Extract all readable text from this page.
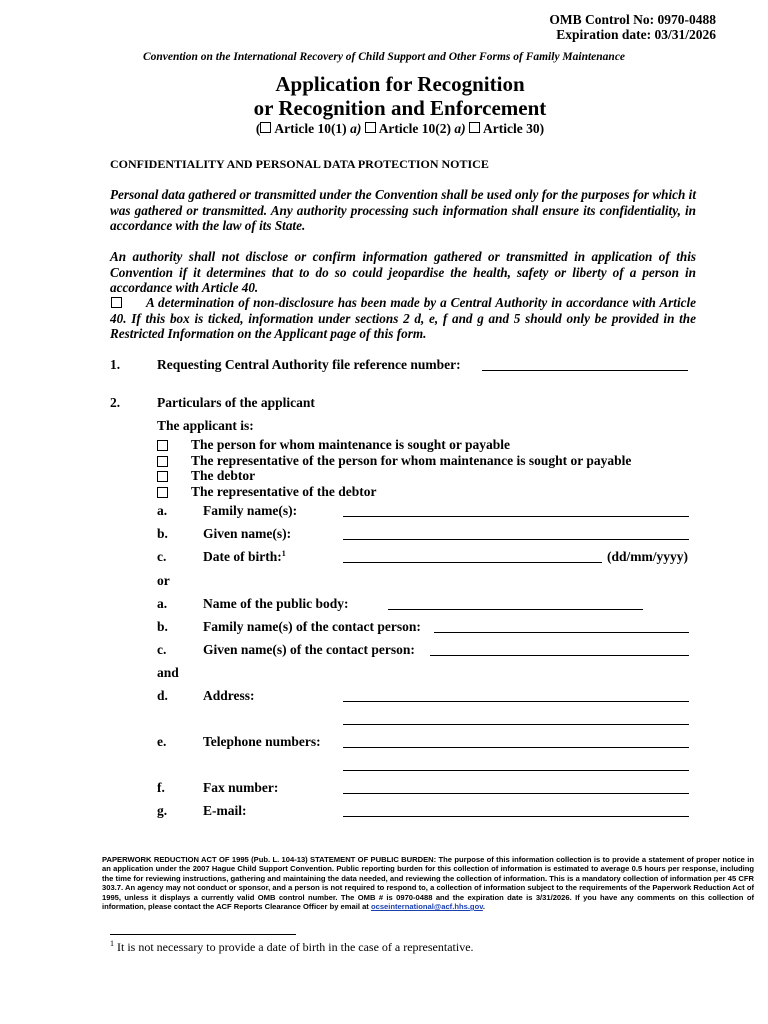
OMB Control No: 0970-0488
Expiration date: 03/31/2026
Convention on the International Recovery of Child Support and Other Forms of Family Maintenance
Application for Recognition
or Recognition and Enforcement
( Article 10(1) a) Article 10(2) a) Article 30)
CONFIDENTIALITY AND PERSONAL DATA PROTECTION NOTICE
Personal data gathered or transmitted under the Convention shall be used only for the purposes for which it was gathered or transmitted. Any authority processing such information shall ensure its confidentiality, in accordance with the law of its State.
An authority shall not disclose or confirm information gathered or transmitted in application of this Convention if it determines that to do so could jeopardise the health, safety or liberty of a person in accordance with Article 40.
A determination of non-disclosure has been made by a Central Authority in accordance with Article 40. If this box is ticked, information under sections 2 d, e, f and g and 5 should only be provided in the Restricted Information on the Applicant page of this form.
1.	Requesting Central Authority file reference number:
2.	Particulars of the applicant
The applicant is:
The person for whom maintenance is sought or payable
The representative of the person for whom maintenance is sought or payable
The debtor
The representative of the debtor
a.	Family name(s):
b.	Given name(s):
c.	Date of birth:$^1$	(dd/mm/yyyy)
or
a.	Name of the public body:
b.	Family name(s) of the contact person:
c.	Given name(s) of the contact person:
and
d.	Address:
e.	Telephone numbers:
f.	Fax number:
g.	E-mail:
PAPERWORK REDUCTION ACT OF 1995 (Pub. L. 104-13) STATEMENT OF PUBLIC BURDEN: The purpose of this information collection is to provide a statement of proper notice in an application under the 2007 Hague Child Support Convention. Public reporting burden for this collection of information is estimated to average 0.5 hours per response, including the time for reviewing instructions, gathering and maintaining the data needed, and reviewing the collection of information. This is a mandatory collection of information per 45 CFR 303.7. An agency may not conduct or sponsor, and a person is not required to respond to, a collection of information subject to the requirements of the Paperwork Reduction Act of 1995, unless it displays a currently valid OMB control number. The OMB # is 0970-0488 and the expiration date is 3/31/2026. If you have any comments on this collection of information, please contact the ACF Reports Clearance Officer by email at ocseinternational@acf.hhs.gov.
$^1$ It is not necessary to provide a date of birth in the case of a representative.
